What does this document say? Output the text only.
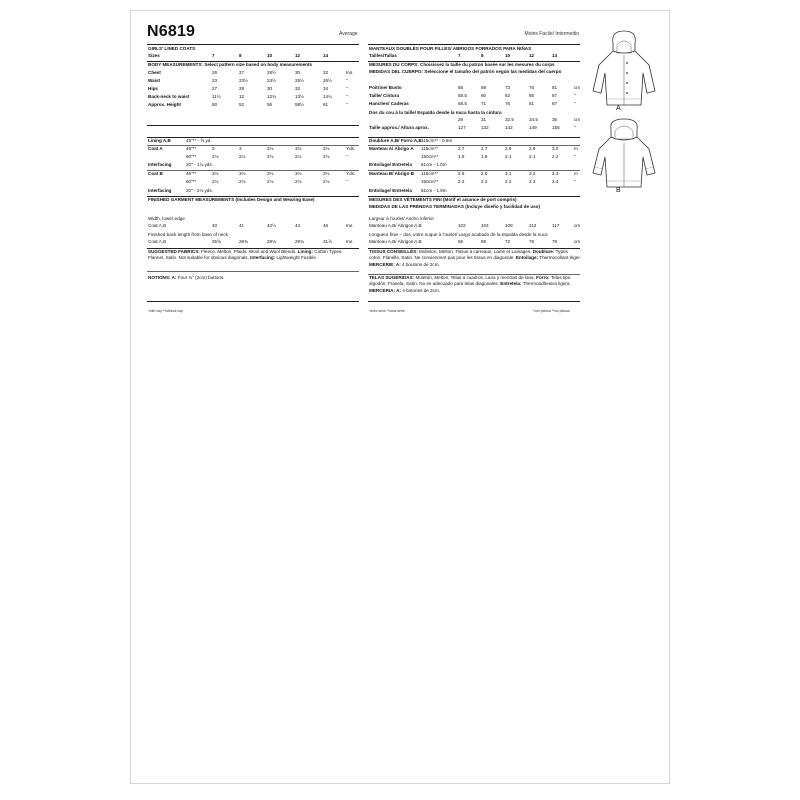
N6819	Average
GIRLS' LINED COATS
Sizes	7	8	10	12	14
BODY MEASUREMENTS: Select pattern size based on body measurements
Chest	26	27	28½	30	32	Ins.
Waist	23	23½	24½	25½	26½	"
Hips	27	28	30	32	34	"
Back-neck to waist	11½	12	12¾	13½	14¼	"
Approx. Height	50	52	56	58½	61	"
Lining A,B	45"** - ⅝ yd.
Coat A	45"**	3	3	3⅛	3⅛	3⅛	Yds.
60"**	2⅛	2⅛	2⅛	2⅛	2⅛	"
Interfacing	20" - 1⅞ yds.
Coat B	45"**	3⅛	3⅛	3⅛	3⅛	3⅛	Yds.
60"**	2⅛	2⅛	2⅛	2⅛	2⅛	"
Interfacing	20" - 2⅛ yds.
FINISHED GARMENT MEASUREMENTS (Includes Design and Wearing Ease)
Width, lower edge
Coat A,B	40	41	42½	44	46	Ins.
Finished back length from base of neck
Coat A,B	25⅝	26⅜	28⅛	29¾	31⅞	Ins.
SUGGESTED FABRICS: Fleece, Melton, Plaids, Wool and Wool Blends. Lining: Cotton Types, Flannel, Satin. Not suitable for obvious diagonals. Interfacing: Lightweight Fusible.
NOTIONS: A: Four ¾" (2cm) buttons.
*with nap **without nap
Moins Facile/ Intermedio
MANTEAUX DOUBLÉS POUR FILLES/ ABRIGOS FORRADOS PARA NIÑAS
Tailles/Tallas	7	8	10	12	14
MESURES DU CORPS: Choisissez la taille du patron basée sur les mesures du corps
MEDIDAS DEL CUERPO: Seleccione el tamaño del patrón según las medidas del cuerpo
Poitrine/ Busto	66	69	73	76	81	cm
Taille/ Cintura	58.5	60	62	65	67	"
Hanches/ Caderas	68.5	71	76	81	87	"
Dos du cou à la taille/ Espalda desde la nuca hasta la cintura
29	31	32.5	34.5	36	cm
Taille approx./ Altura aprox.	127	132	142	149	155	"
Doublure A,B/ Forro A,B 115cm** - 0.6m
Manteau A/ Abrigo A 115cm**	2.7	2.7	2.9	2.9	3.0	m
150cm**	1.9	1.9	2.1	2.1	2.2	"
Entoilage/ Entretela 51cm - 1.0m
Manteau B/ Abrigo B 115cm**	2.9	2.9	3.1	3.2	3.3	m
150cm**	2.2	2.2	2.2	2.3	2.4	"
Entoilage/ Entretela 51cm - 1.9m
MESURES DES VÊTEMENTS FINI (Motif et aisance de port compris)
MEDIDAS DE LAS PRENDAS TERMINADAS (Incluye diseño y facilidad de uso)
Largeur à l'ourlet/ Ancho inferior
Manteau A,B/ Abrigos A,B	102	104	108	112	117	cm
Longueur finie – dos, votre nuque à l'ourlet/ Largo acabado de la espalda desde la nuca
Manteau A,B/ Abrigos A,B	65	68	72	76	79	cm
TISSUS CONSEILLÉS: Molleton, Melton, Tissus à carreaux, Laine et Lainages. Doublure: Types coton, Flanelle, Satin. Ne conviennent pas pour les tissus en diagonale. Entoilage: Thermocollant léger. MERCERIE: A: 4 boutons de 2cm.
TELAS SUGERIDAS: Muletón, Melton, Telas a cuadros, Lana y mezclas de lana. Forro: Telas tipo algodón, Franela, Satín. No es adecuado para telas diagonales. Entretela: Thermoadhesiva ligera. MERCERIA: A: 4 botones de 2cm.
*avec sens **sans sens	*con pelusa **sin pelusa
A
B
